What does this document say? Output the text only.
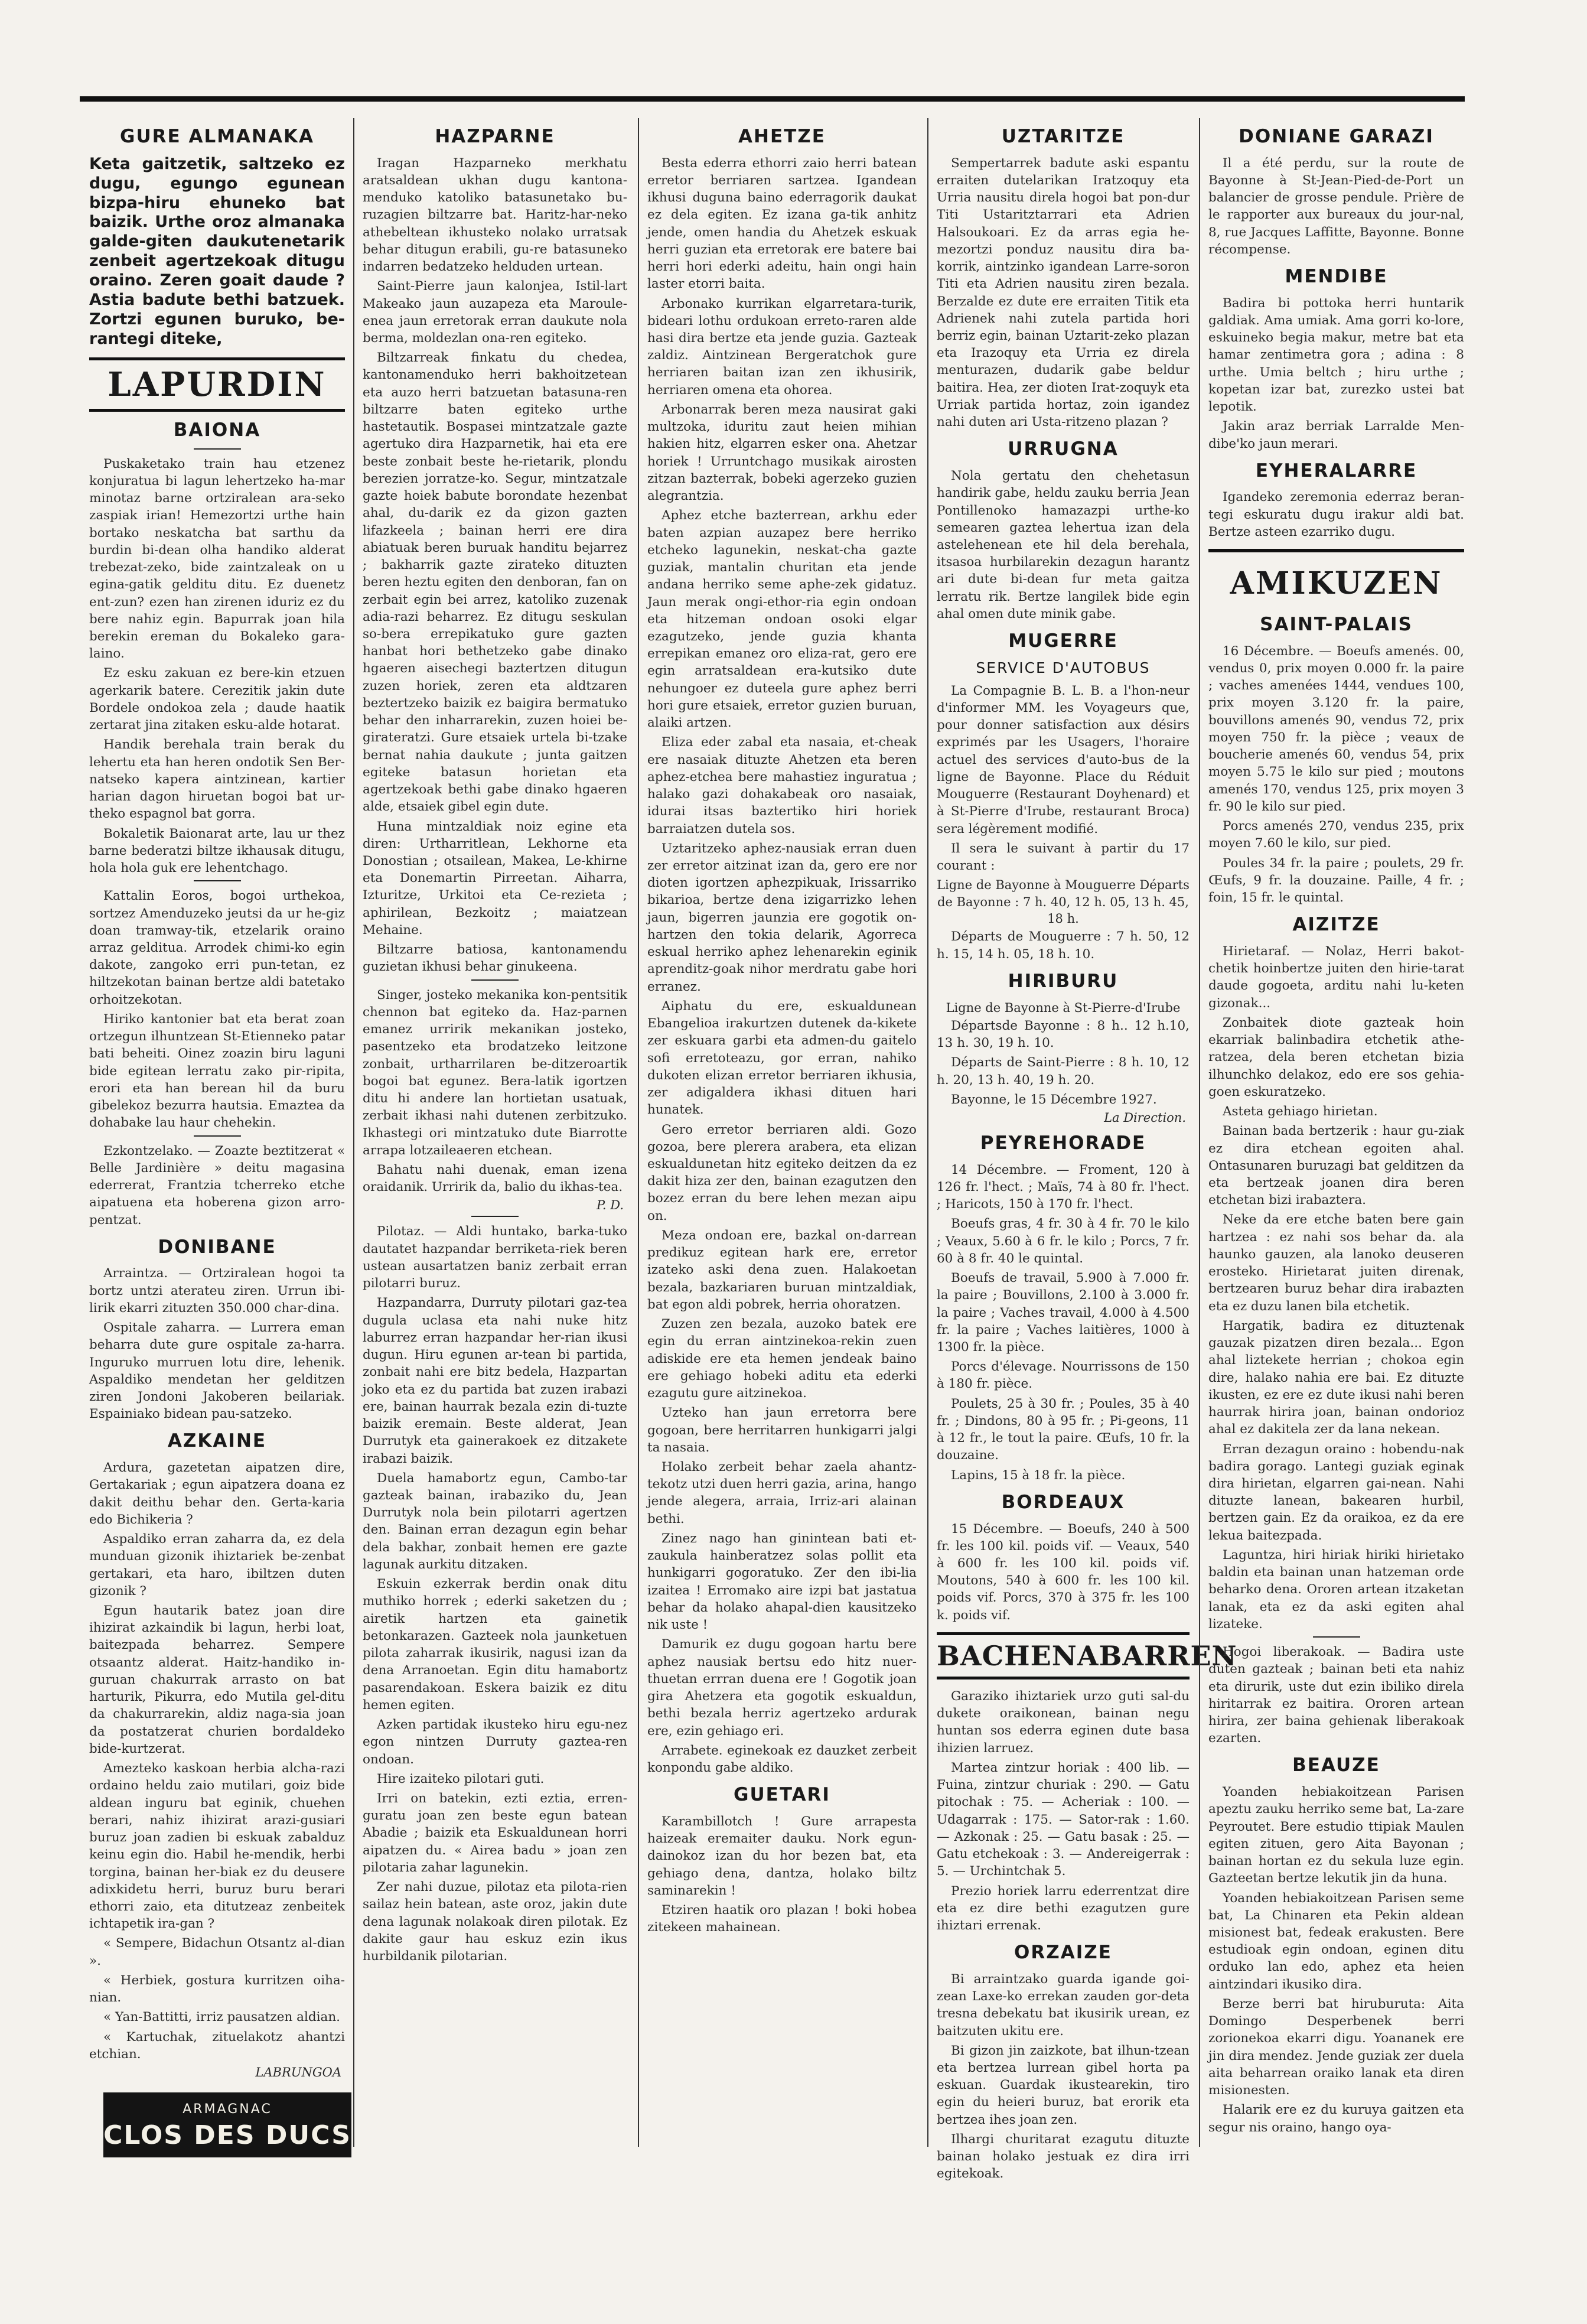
GURE ALMANAKA

Keta gaitzetik, saltzeko ez dugu, egungo egunean bizpa-hiru ehuneko bat baizik. Urthe oroz almanaka galde-giten daukutenetarik zenbeit agertzekoak ditugu oraino. Zeren goait daude ? Astia badute bethi batzuek. Zortzi egunen buruko, be-rantegi diteke,

LAPURDIN
BAIONA

Puskaketako train hau etzenez konjuratua bi lagun lehertzeko ha-mar minotaz barne ortziralean ara-seko zaspiak irian! Hemezortzi urthe hain bortako neskatcha bat sarthu da burdin bi-dean olha handiko alderat trebezat-zeko, bide zaintzaleak on u egina-gatik gelditu ditu. Ez duenetz ent-zun? ezen han zirenen iduriz ez du bere nahiz egin. Bapurrak joan hila berekin ereman du Bokaleko gara-laino.

Ez esku zakuan ez bere-kin etzuen agerkarik batere. Cerezitik jakin dute Bordele ondokoa zela ; daude haatik zertarat jina zitaken esku-alde hotarat.

Handik berehala train berak du lehertu eta han heren ondotik Sen Ber-natseko kapera aintzinean, kartier harian dagon hiruetan bogoi bat ur-theko espagnol bat gorra.

Bokaletik Baionarat arte, lau ur thez barne bederatzi biltze ikhausak ditugu, hola hola guk ere lehentchago.

Kattalin Eoros, bogoi urthekoa, sortzez Amenduzeko jeutsi da ur he-giz doan tramway-tik, etzelarik oraino arraz gelditua. Arrodek chimi-ko egin dakote, zangoko erri pun-tetan, ez hiltzekotan bainan bertze aldi batetako orhoitzekotan.

Hiriko kantonier bat eta berat zoan ortzegun ilhuntzean St-Etienneko patar bati beheiti. Oinez zoazin biru laguni bide egitean lerratu zako pir-ripita, erori eta han berean hil da buru gibelekoz bezurra hautsia. Emaztea da dohabake lau haur chehekin.

Ezkontzelako. — Zoazte beztitzerat « Belle Jardinière » deitu magasina ederrerat, Frantzia tcherreko etche aipatuena eta hoberena gizon arro-pentzat.

DONIBANE

Arraintza. — Ortziralean hogoi ta bortz untzi aterateu ziren. Urrun ibi-lirik ekarri zituzten 350.000 char-dina.

Ospitale zaharra. — Lurrera eman beharra dute gure ospitale za-harra. Inguruko murruen lotu dire, lehenik. Aspaldiko mendetan her gelditzen ziren Jondoni Jakoberen beilariak. Espainiako bidean pau-satzeko.

AZKAINE

Ardura, gazetetan aipatzen dire, Gertakariak ; egun aipatzera doana ez dakit deithu behar den. Gerta-karia edo Bichikeria ?

Aspaldiko erran zaharra da, ez dela munduan gizonik ihiztariek be-zenbat gertakari, eta haro, ibiltzen duten gizonik ?

Egun hautarik batez joan dire ihizirat azkaindik bi lagun, herbi loat, baitezpada beharrez. Sempere otsaantz alderat. Haitz-handiko in-guruan chakurrak arrasto on bat harturik, Pikurra, edo Mutila gel-ditu da chakurrarekin, aldiz naga-sia joan da postatzerat churien bordaldeko bide-kurtzerat.

Amezteko kaskoan herbia alcha-razi ordaino heldu zaio mutilari, goiz bide aldean inguru bat eginik, chuehen berari, nahiz ihizirat arazi-gusiari buruz joan zadien bi eskuak zabalduz keinu egin dio. Habil he-mendik, herbi torgina, bainan her-biak ez du deusere adixkidetu herri, buruz buru berari ethorri zaio, eta ditutzeaz zenbeitek ichtapetik ira-gan ?

« Sempere, Bidachun Otsantz al-dian ».

« Herbiek, gostura kurritzen oiha-nian.

« Yan-Battitti, irriz pausatzen aldian.

« Kartuchak, zituelakotz ahantzi etchian.

LABRUNGOA
ARMAGNAC
CLOS DES DUCS
HAZPARNE

Iragan Hazparneko merkhatu aratsaldean ukhan dugu kantona-menduko katoliko batasunetako bu-ruzagien biltzarre bat. Haritz-har-neko athebeltean ikhusteko nolako urratsak behar ditugun erabili, gu-re batasuneko indarren bedatzeko helduden urtean.

Saint-Pierre jaun kalonjea, Istil-lart Makeako jaun auzapeza eta Maroule-enea jaun erretorak erran daukute nola berma, moldezlan ona-ren egiteko.

Biltzarreak finkatu du chedea, kantonamenduko herri bakhoitzetean eta auzo herri batzuetan batasuna-ren biltzarre baten egiteko urthe hastetautik. Bospasei mintzatzale gazte agertuko dira Hazparnetik, hai eta ere beste zonbait beste he-rietarik, plondu berezien jorratze-ko. Segur, mintzatzale gazte hoiek babute borondate hezenbat ahal, du-darik ez da gizon gazten lifazkeela ; bainan herri ere dira abiatuak beren buruak handitu bejarrez ; bakharrik gazte zirateko dituzten beren heztu egiten den denboran, fan on zerbait egin bei arrez, katoliko zuzenak adia-razi beharrez. Ez ditugu seskulan so-bera errepikatuko gure gazten hanbat hori bethetzeko gabe dinako hgaeren aisechegi baztertzen ditugun zuzen horiek, zeren eta aldtzaren beztertzeko baizik ez baigira bermatuko behar den inharrarekin, zuzen hoiei be-girateratzi. Gure etsaiek urtela bi-tzake bernat nahia daukute ; junta gaitzen egiteke batasun horietan eta agertzekoak bethi gabe dinako hgaeren alde, etsaiek gibel egin dute.

Huna mintzaldiak noiz egine eta diren: Urtharritlean, Lekhorne eta Donostian ; otsailean, Makea, Le-khirne eta Donemartin Pirreetan. Aiharra, Izturitze, Urkitoi eta Ce-rezieta ; aphirilean, Bezkoitz ; maiatzean Mehaine.

Biltzarre batiosa, kantonamendu guzietan ikhusi behar ginukeena.

Singer, josteko mekanika kon-pentsitik chennon bat egiteko da. Haz-parnen emanez urririk mekanikan josteko, pasentzeko eta brodatzeko leitzone zonbait, urtharrilaren be-ditzeroartik bogoi bat egunez. Bera-latik igortzen ditu hi andere lan hortietan usatuak, zerbait ikhasi nahi dutenen zerbitzuko. Ikhastegi ori mintzatuko dute Biarrotte arrapa lotzaileaeren etchean.

Bahatu nahi duenak, eman izena oraidanik. Urririk da, balio du ikhas-tea.

P. D.

Pilotaz. — Aldi huntako, barka-tuko dautatet hazpandar berriketa-riek beren ustean ausartatzen baniz zerbait erran pilotarri buruz.

Hazpandarra, Durruty pilotari gaz-tea dugula uclasa eta nahi nuke hitz laburrez erran hazpandar her-rian ikusi dugun. Hiru egunen ar-tean bi partida, zonbait nahi ere bitz bedela, Hazpartan joko eta ez du partida bat zuzen irabazi ere, bainan haurrak bezala ezin di-tuzte baizik eremain. Beste alderat, Jean Durrutyk eta gainerakoek ez ditzakete irabazi baizik.

Duela hamabortz egun, Cambo-tar gazteak bainan, irabaziko du, Jean Durrutyk nola bein pilotarri agertzen den. Bainan erran dezagun egin behar dela bakhar, zonbait hemen ere gazte lagunak aurkitu ditzaken.

Eskuin ezkerrak berdin onak ditu muthiko horrek ; ederki saketzen du ; airetik hartzen eta gainetik betonkarazen. Gazteek nola jaunketuen pilota zaharrak ikusirik, nagusi izan da dena Arranoetan. Egin ditu hamabortz pasarendakoan. Eskera baizik ez ditu hemen egiten.

Azken partidak ikusteko hiru egu-nez egon nintzen Durruty gaztea-ren ondoan.

Hire izaiteko pilotari guti.

Irri on batekin, ezti eztia, erren-guratu joan zen beste egun batean Abadie ; baizik eta Eskualdunean horri aipatzen du. « Airea badu » joan zen pilotaria zahar lagunekin.

Zer nahi duzue, pilotaz eta pilota-rien sailaz hein batean, aste oroz, jakin dute dena lagunak nolakoak diren pilotak. Ez dakite gaur hau eskuz ezin ikus hurbildanik pilotarian.

AHETZE

Besta ederra ethorri zaio herri batean erretor berriaren sartzea. Igandean ikhusi duguna baino ederragorik daukat ez dela egiten. Ez izana ga-tik anhitz jende, omen handia du Ahetzek eskuak herri guzian eta erretorak ere batere bai herri hori ederki adeitu, hain ongi hain laster etorri baita.

Arbonako kurrikan elgarretara-turik, bideari lothu ordukoan erreto-raren alde hasi dira bertze eta jende guzia. Gazteak zaldiz. Aintzinean Bergeratchok gure herriaren baitan izan zen ikhusirik, herriaren omena eta ohorea.

Arbonarrak beren meza nausirat gaki multzoka, iduritu zaut heien mihian hakien hitz, elgarren esker ona. Ahetzar horiek ! Urruntchago musikak airosten zitzan bazterrak, bobeki agerzeko guzien alegrantzia.

Aphez etche bazterrean, arkhu eder baten azpian auzapez bere herriko etcheko lagunekin, neskat-cha gazte guziak, mantalin churitan eta jende andana herriko seme aphe-zek gidatuz. Jaun merak ongi-ethor-ria egin ondoan eta hitzeman ondoan osoki elgar ezagutzeko, jende guzia khanta errepikan emanez oro eliza-rat, gero ere egin arratsaldean era-kutsiko dute nehungoer ez duteela gure aphez berri hori gure etsaiek, erretor guzien buruan, alaiki artzen.

Eliza eder zabal eta nasaia, et-cheak ere nasaiak dituzte Ahetzen eta beren aphez-etchea bere mahastiez inguratua ; halako gazi dohakabeak oro nasaiak, idurai itsas baztertiko hiri horiek barraiatzen dutela sos.

Uztaritzeko aphez-nausiak erran duen zer erretor aitzinat izan da, gero ere nor dioten igortzen aphezpikuak, Irissarriko bikarioa, bertze dena izigarrizko lehen jaun, bigerren jaunzia ere gogotik on-hartzen den tokia delarik, Agorreca eskual herriko aphez lehenarekin eginik aprenditz-goak nihor merdratu gabe hori erranez.

Aiphatu du ere, eskualdunean Ebangelioa irakurtzen dutenek da-kikete zer eskuara garbi eta admen-du gaitelo sofi erretoteazu, gor erran, nahiko dukoten elizan erretor berriaren ikhusia, zer adigaldera ikhasi dituen hari hunatek.

Gero erretor berriaren aldi. Gozo gozoa, bere plerera arabera, eta elizan eskualdunetan hitz egiteko deitzen da ez dakit hiza zer den, bainan ezagutzen den bozez erran du bere lehen mezan aipu on.

Meza ondoan ere, bazkal on-darrean predikuz egitean hark ere, erretor izateko aski dena zuen. Halakoetan bezala, bazkariaren buruan mintzaldiak, bat egon aldi pobrek, herria ohoratzen.

Zuzen zen bezala, auzoko batek ere egin du erran aintzinekoa-rekin zuen adiskide ere eta hemen jendeak baino ere gehiago hobeki aditu eta ederki ezagutu gure aitzinekoa.

Uzteko han jaun erretorra bere gogoan, bere herritarren hunkigarri jalgi ta nasaia.

Holako zerbeit behar zaela ahantz-tekotz utzi duen herri gazia, arina, hango jende alegera, arraia, Irriz-ari alainan bethi.

Zinez nago han ginintean bati et-zaukula hainberatzez solas pollit eta hunkigarri gogoratuko. Zer den ibi-lia izaitea ! Erromako aire izpi bat jastatua behar da holako ahapal-dien kausitzeko nik uste !

Damurik ez dugu gogoan hartu bere aphez nausiak bertsu edo hitz nuer-thuetan errran duena ere ! Gogotik joan gira Ahetzera eta gogotik eskualdun, bethi bezala herriz agertzeko ardurak ere, ezin gehiago eri.

Arrabete. eginekoak ez dauzket zerbeit konpondu gabe aldiko.

GUETARI

Karambillotch ! Gure arrapesta haizeak eremaiter dauku. Nork egun-dainokoz izan du hor bezen bat, eta gehiago dena, dantza, holako biltz saminarekin !

Etziren haatik oro plazan ! boki hobea zitekeen mahainean.

UZTARITZE

Sempertarrek badute aski espantu erraiten dutelarikan Iratzoquy eta Urria nausitu direla hogoi bat pon-dur Titi Ustaritztarrari eta Adrien Halsoukoari. Ez da arras egia he-mezortzi ponduz nausitu dira ba-korrik, aintzinko igandean Larre-soron Titi eta Adrien nausitu ziren bezala. Berzalde ez dute ere erraiten Titik eta Adrienek nahi zutela partida hori berriz egin, bainan Uztarit-zeko plazan eta Irazoquy eta Urria ez direla menturazen, dudarik gabe beldur baitira. Hea, zer dioten Irat-zoquyk eta Urriak partida hortaz, zoin igandez nahi duten ari Usta-ritzeno plazan ?

URRUGNA

Nola gertatu den chehetasun handirik gabe, heldu zauku berria Jean Pontillenoko hamazazpi urthe-ko semearen gaztea lehertua izan dela astelehenean ete hil dela berehala, itsasoa hurbilarekin dezagun harantz ari dute bi-dean fur meta gaitza lerratu rik. Bertze langilek bide egin ahal omen dute minik gabe.

MUGERRE
SERVICE D'AUTOBUS

La Compagnie B. L. B. a l'hon-neur d'informer MM. les Voyageurs que, pour donner satisfaction aux désirs exprimés par les Usagers, l'horaire actuel des services d'auto-bus de la ligne de Bayonne. Place du Réduit Mouguerre (Restaurant Doyhenard) et à St-Pierre d'Irube, restaurant Broca) sera légèrement modifié.

Il sera le suivant à partir du 17 courant :

Ligne de Bayonne à Mouguerre Départs de Bayonne : 7 h. 40, 12 h. 05, 13 h. 45, 18 h.

Départs de Mouguerre : 7 h. 50, 12 h. 15, 14 h. 05, 18 h. 10.

HIRIBURU

Ligne de Bayonne à St-Pierre-d'Irube

Départsde Bayonne : 8 h.. 12 h.10, 13 h. 30, 19 h. 10.

Départs de Saint-Pierre : 8 h. 10, 12 h. 20, 13 h. 40, 19 h. 20.

Bayonne, le 15 Décembre 1927.

La Direction.
PEYREHORADE

14 Décembre. — Froment, 120 à 126 fr. l'hect. ; Maïs, 74 à 80 fr. l'hect. ; Haricots, 150 à 170 fr. l'hect.

Boeufs gras, 4 fr. 30 à 4 fr. 70 le kilo ; Veaux, 5.60 à 6 fr. le kilo ; Porcs, 7 fr. 60 à 8 fr. 40 le quintal.

Boeufs de travail, 5.900 à 7.000 fr. la paire ; Bouvillons, 2.100 à 3.000 fr. la paire ; Vaches travail, 4.000 à 4.500 fr. la paire ; Vaches laitières, 1000 à 1300 fr. la pièce.

Porcs d'élevage. Nourrissons de 150 à 180 fr. pièce.

Poulets, 25 à 30 fr. ; Poules, 35 à 40 fr. ; Dindons, 80 à 95 fr. ; Pi-geons, 11 à 12 fr., le tout la paire. Œufs, 10 fr. la douzaine.

Lapins, 15 à 18 fr. la pièce.

BORDEAUX

15 Décembre. — Boeufs, 240 à 500 fr. les 100 kil. poids vif. — Veaux, 540 à 600 fr. les 100 kil. poids vif. Moutons, 540 à 600 fr. les 100 kil. poids vif. Porcs, 370 à 375 fr. les 100 k. poids vif.

BACHENABARREN

Garaziko ihiztariek urzo guti sal-du dukete oraikonean, bainan negu huntan sos ederra eginen dute basa ihizien larruez.

Martea zintzur horiak : 400 lib. — Fuina, zintzur churiak : 290. — Gatu pitochak : 75. — Acheriak : 100. — Udagarrak : 175. — Sator-rak : 1.60. — Azkonak : 25. — Gatu basak : 25. — Gatu etchekoak : 3. — Andereigerrak : 5. — Urchintchak 5.

Prezio horiek larru ederrentzat dire eta ez dire bethi ezagutzen gure ihiztari errenak.

ORZAIZE

Bi arraintzako guarda igande goi-zean Laxe-ko errekan zauden gor-deta tresna debekatu bat ikusirik urean, ez baitzuten ukitu ere.

Bi gizon jin zaizkote, bat ilhun-tzean eta bertzea lurrean gibel horta pa eskuan. Guardak ikustearekin, tiro egin du heieri buruz, bat erorik eta bertzea ihes joan zen.

Ilhargi churitarat ezagutu dituzte bainan holako jestuak ez dira irri egitekoak.

DONIANE GARAZI

Il a été perdu, sur la route de Bayonne à St-Jean-Pied-de-Port un balancier de grosse pendule. Prière de le rapporter aux bureaux du jour-nal, 8, rue Jacques Laffitte, Bayonne. Bonne récompense.

MENDIBE

Badira bi pottoka herri huntarik galdiak. Ama umiak. Ama gorri ko-lore, eskuineko begia makur, metre bat eta hamar zentimetra gora ; adina : 8 urthe. Umia beltch ; hiru urthe ; kopetan izar bat, zurezko ustei bat lepotik.

Jakin araz berriak Larralde Men-dibe'ko jaun merari.

EYHERALARRE

Igandeko zeremonia ederraz beran-tegi eskuratu dugu irakur aldi bat. Bertze asteen ezarriko dugu.

AMIKUZEN
SAINT-PALAIS

16 Décembre. — Boeufs amenés. 00, vendus 0, prix moyen 0.000 fr. la paire ; vaches amenées 1444, vendues 100, prix moyen 3.120 fr. la paire, bouvillons amenés 90, vendus 72, prix moyen 750 fr. la pièce ; veaux de boucherie amenés 60, vendus 54, prix moyen 5.75 le kilo sur pied ; moutons amenés 170, vendus 125, prix moyen 3 fr. 90 le kilo sur pied.

Porcs amenés 270, vendus 235, prix moyen 7.60 le kilo, sur pied.

Poules 34 fr. la paire ; poulets, 29 fr. Œufs, 9 fr. la douzaine. Paille, 4 fr. ; foin, 15 fr. le quintal.

AIZITZE

Hirietaraf. — Nolaz, Herri bakot-chetik hoinbertze juiten den hirie-tarat daude gogoeta, arditu nahi lu-keten gizonak...

Zonbaitek diote gazteak hoin ekarriak balinbadira etchetik athe-ratzea, dela beren etchetan bizia ilhunchko delakoz, edo ere sos gehia-goen eskuratzeko.

Asteta gehiago hirietan.

Bainan bada bertzerik : haur gu-ziak ez dira etchean egoiten ahal. Ontasunaren buruzagi bat gelditzen da eta bertzeak joanen dira beren etchetan bizi irabaztera.

Neke da ere etche baten bere gain hartzea : ez nahi sos behar da. ala haunko gauzen, ala lanoko deuseren erosteko. Hirietarat juiten direnak, bertzearen buruz behar dira irabazten eta ez duzu lanen bila etchetik.

Hargatik, badira ez dituztenak gauzak pizatzen diren bezala... Egon ahal liztekete herrian ; chokoa egin dire, halako nahia ere bai. Ez dituzte ikusten, ez ere ez dute ikusi nahi beren haurrak hirira joan, bainan ondorioz ahal ez dakitela zer da lana nekean.

Erran dezagun oraino : hobendu-nak badira gorago. Lantegi guziak eginak dira hirietan, elgarren gai-nean. Nahi dituzte lanean, bakearen hurbil, bertzen gain. Ez da oraikoa, ez da ere lekua baitezpada.

Laguntza, hiri hiriak hiriki hirietako baldin eta bainan unan hatzeman orde beharko dena. Ororen artean itzaketan lanak, eta ez da aski egiten ahal lizateke.

Hogoi liberakoak. — Badira uste duten gazteak ; bainan beti eta nahiz eta dirurik, uste dut ezin ibiliko direla hiritarrak ez baitira. Ororen artean hirira, zer baina gehienak liberakoak ezarten.

BEAUZE

Yoanden hebiakoitzean Parisen apeztu zauku herriko seme bat, La-zare Peyroutet. Bere estudio ttipiak Maulen egiten zituen, gero Aita Bayonan ; bainan hortan ez du sekula luze egin. Gazteetan bertze lekutik jin da huna.

Yoanden hebiakoitzean Parisen seme bat, La Chinaren eta Pekin aldean misionest bat, fedeak erakusten. Bere estudioak egin ondoan, eginen ditu orduko lan edo, aphez eta heien aintzindari ikusiko dira.

Berze berri bat hiruburuta: Aita Domingo Desperbenek berri zorionekoa ekarri digu. Yoananek ere jin dira mendez. Jende guziak zer duela aita beharrean oraiko lanak eta diren misionesten.

Halarik ere ez du kuruya gaitzen eta segur nis oraino, hango oya-
